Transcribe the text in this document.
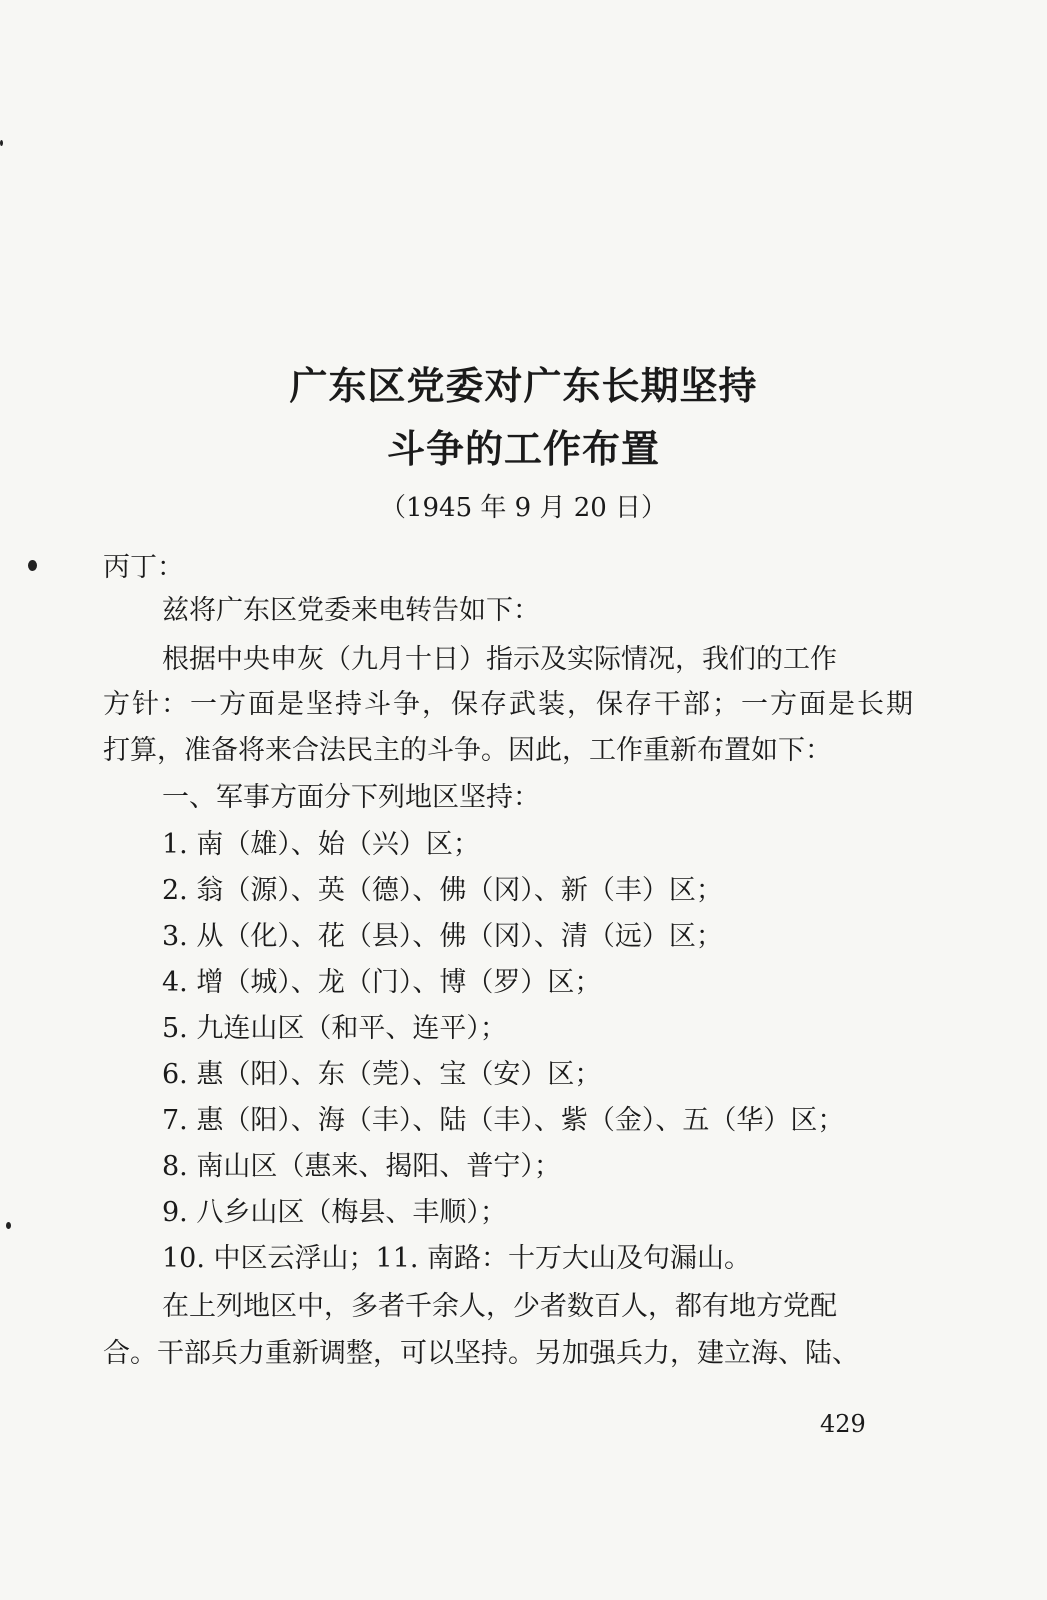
广东区党委对广东长期坚持
斗争的工作布置
（1945 年 9 月 20 日）
丙丁：
兹将广东区党委来电转告如下：
根据中央申灰（九月十日）指示及实际情况，我们的工作
方针：一方面是坚持斗争，保存武装，保存干部；一方面是长期
打算，准备将来合法民主的斗争。因此，工作重新布置如下：
一、军事方面分下列地区坚持：
1. 南（雄）、始（兴）区；
2. 翁（源）、英（德）、佛（冈）、新（丰）区；
3. 从（化）、花（县）、佛（冈）、清（远）区；
4. 增（城）、龙（门）、博（罗）区；
5. 九连山区（和平、连平）；
6. 惠（阳）、东（莞）、宝（安）区；
7. 惠（阳）、海（丰）、陆（丰）、紫（金）、五（华）区；
8. 南山区（惠来、揭阳、普宁）；
9. 八乡山区（梅县、丰顺）；
10. 中区云浮山；11. 南路：十万大山及句漏山。
在上列地区中，多者千余人，少者数百人，都有地方党配
合。干部兵力重新调整，可以坚持。另加强兵力，建立海、陆、
429
